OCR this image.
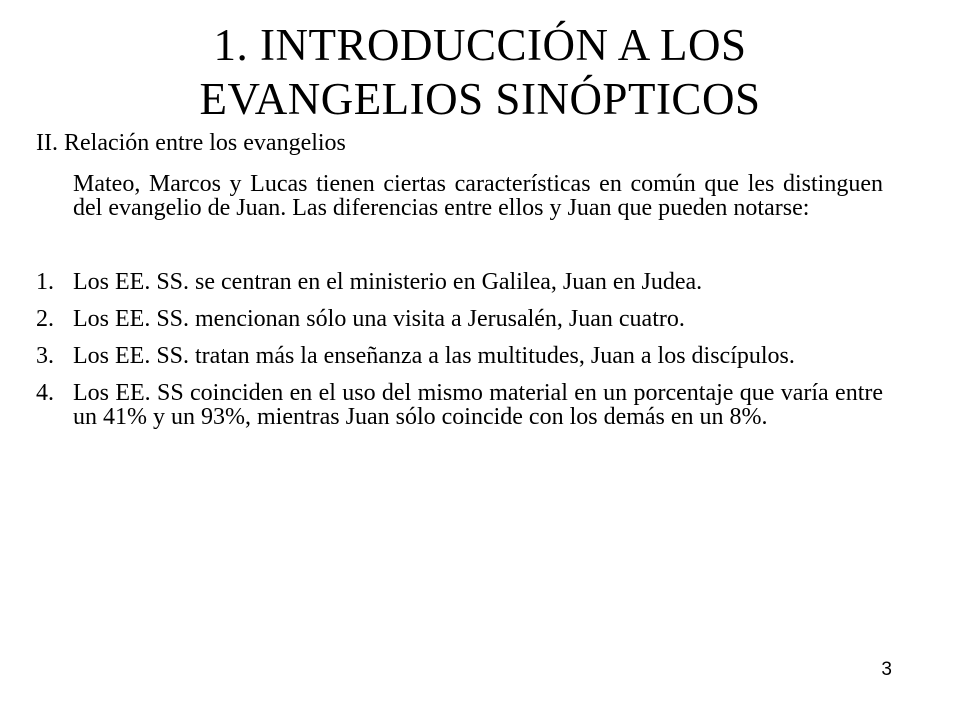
1. INTRODUCCIÓN A LOS
EVANGELIOS SINÓPTICOS
II. Relación entre los evangelios

Mateo, Marcos y Lucas tienen ciertas características en común que les distinguen del evangelio de Juan. Las diferencias entre ellos y Juan que pueden notarse:

1. Los EE. SS. se centran en el ministerio en Galilea, Juan en Judea.
2. Los EE. SS. mencionan sólo una visita a Jerusalén, Juan cuatro.
3. Los EE. SS. tratan más la enseñanza a las multitudes, Juan a los discípulos.
4. Los EE. SS coinciden en el uso del mismo material en un porcentaje que varía entre un 41% y un 93%, mientras Juan sólo coincide con los demás en un 8%.
3
